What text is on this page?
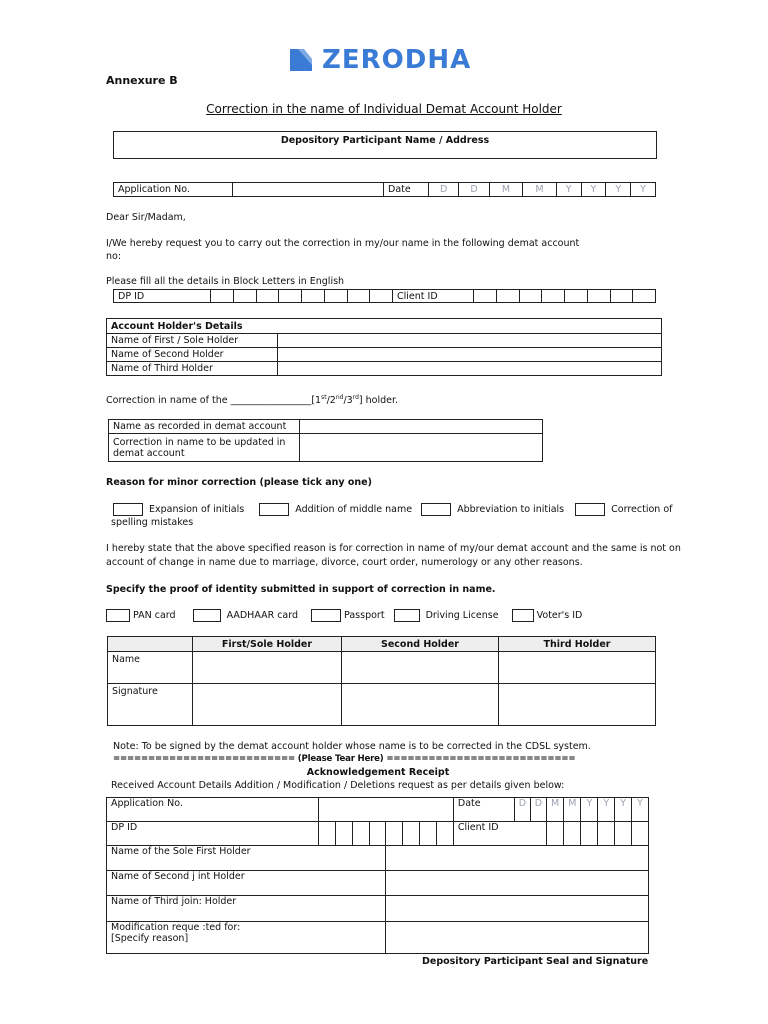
ZERODHA
Annexure B
Correction in the name of Individual Demat Account Holder
Depository Participant Name / Address
Application No.		Date	D	D	M	M	Y	Y	Y	Y
Dear Sir/Madam,
I/We hereby request you to carry out the correction in my/our name in the following demat account
no:
Please fill all the details in Block Letters in English
DP ID									Client ID								
Account Holder's Details	
Name of First / Sole Holder	
Name of Second Holder	
Name of Third Holder	
Correction in name of the _________________[1st/2nd/3rd] holder.
Name as recorded in demat account	

Correction in name to be updated in
demat account	

Reason for minor correction (please tick any one)
Expansion of initials	Addition of middle name	Abbreviation to initials	Correction of
spelling mistakes
I hereby state that the above specified reason is for correction in name of my/our demat account and the same is not on
account of change in name due to marriage, divorce, court order, numerology or any other reasons.
Specify the proof of identity submitted in support of correction in name.
PAN card	AADHAAR card	Passport	Driving License	Voter's ID
	First/Sole Holder	Second Holder	Third Holder
Name			
Signature			
Note: To be signed by the demat account holder whose name is to be corrected in the CDSL system.
========================== (Please Tear Here) ===========================
Acknowledgement Receipt
Received Account Details Addition / Modification / Deletions request as per details given below:
Application No.									Date	D	D	M	M	Y	Y	Y	Y
DP ID									Client ID								
Name of the Sole First Holder																	
Name of Second j int Holder																	
Name of Third join: Holder																	

Modification reque :ted for:
[Specify reason]																	

Depository Participant Seal and Signature
